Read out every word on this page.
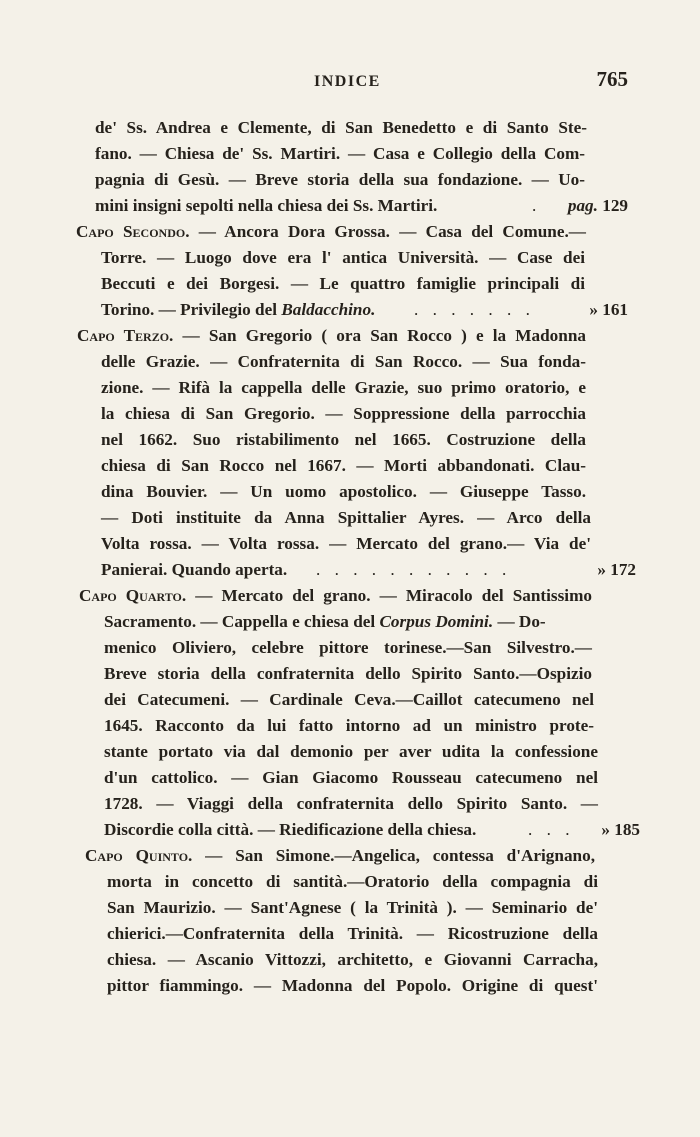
INDICE	765
de' Ss. Andrea e Clemente, di San Benedetto e di Santo Ste-
fano. — Chiesa de' Ss. Martiri. — Casa e Collegio della Com-
pagnia di Gesù. — Breve storia della sua fondazione. — Uo-
mini insigni sepolti nella chiesa dei Ss. Martiri.	.	pag. 129
Capo Secondo. — Ancora Dora Grossa. — Casa del Comune.—
Torre. — Luogo dove era l' antica Università. — Case dei
Beccuti e dei Borgesi. — Le quattro famiglie principali di
Torino. — Privilegio del Baldacchino. . . . . . . .	» 161
Capo Terzo. — San Gregorio ( ora San Rocco ) e la Madonna
delle Grazie. — Confraternita di San Rocco. — Sua fonda-
zione. — Rifà la cappella delle Grazie, suo primo oratorio, e
la chiesa di San Gregorio. — Soppressione della parrocchia
nel 1662. Suo ristabilimento nel 1665. Costruzione della
chiesa di San Rocco nel 1667. — Morti abbandonati. Clau-
dina Bouvier. — Un uomo apostolico. — Giuseppe Tasso.
— Doti instituite da Anna Spittalier Ayres. — Arco della
Volta rossa. — Volta rossa. — Mercato del grano.— Via de'
Panierai. Quando aperta. . . . . . . . . . . .	» 172
Capo Quarto. — Mercato del grano. — Miracolo del Santissimo
Sacramento. — Cappella e chiesa del Corpus Domini. — Do-
menico Oliviero, celebre pittore torinese.—San Silvestro.—
Breve storia della confraternita dello Spirito Santo.—Ospizio
dei Catecumeni. — Cardinale Ceva.—Caillot catecumeno nel
1645. Racconto da lui fatto intorno ad un ministro prote-
stante portato via dal demonio per aver udita la confessione
d'un cattolico. — Gian Giacomo Rousseau catecumeno nel
1728. — Viaggi della confraternita dello Spirito Santo. —
Discordie colla città. — Riedificazione della chiesa.	. . .	» 185
Capo Quinto. — San Simone.—Angelica, contessa d'Arignano,
morta in concetto di santità.—Oratorio della compagnia di
San Maurizio. — Sant'Agnese ( la Trinità ). — Seminario de'
chierici.—Confraternita della Trinità. — Ricostruzione della
chiesa. — Ascanio Vittozzi, architetto, e Giovanni Carracha,
pittor fiammingo. — Madonna del Popolo. Origine di quest'
